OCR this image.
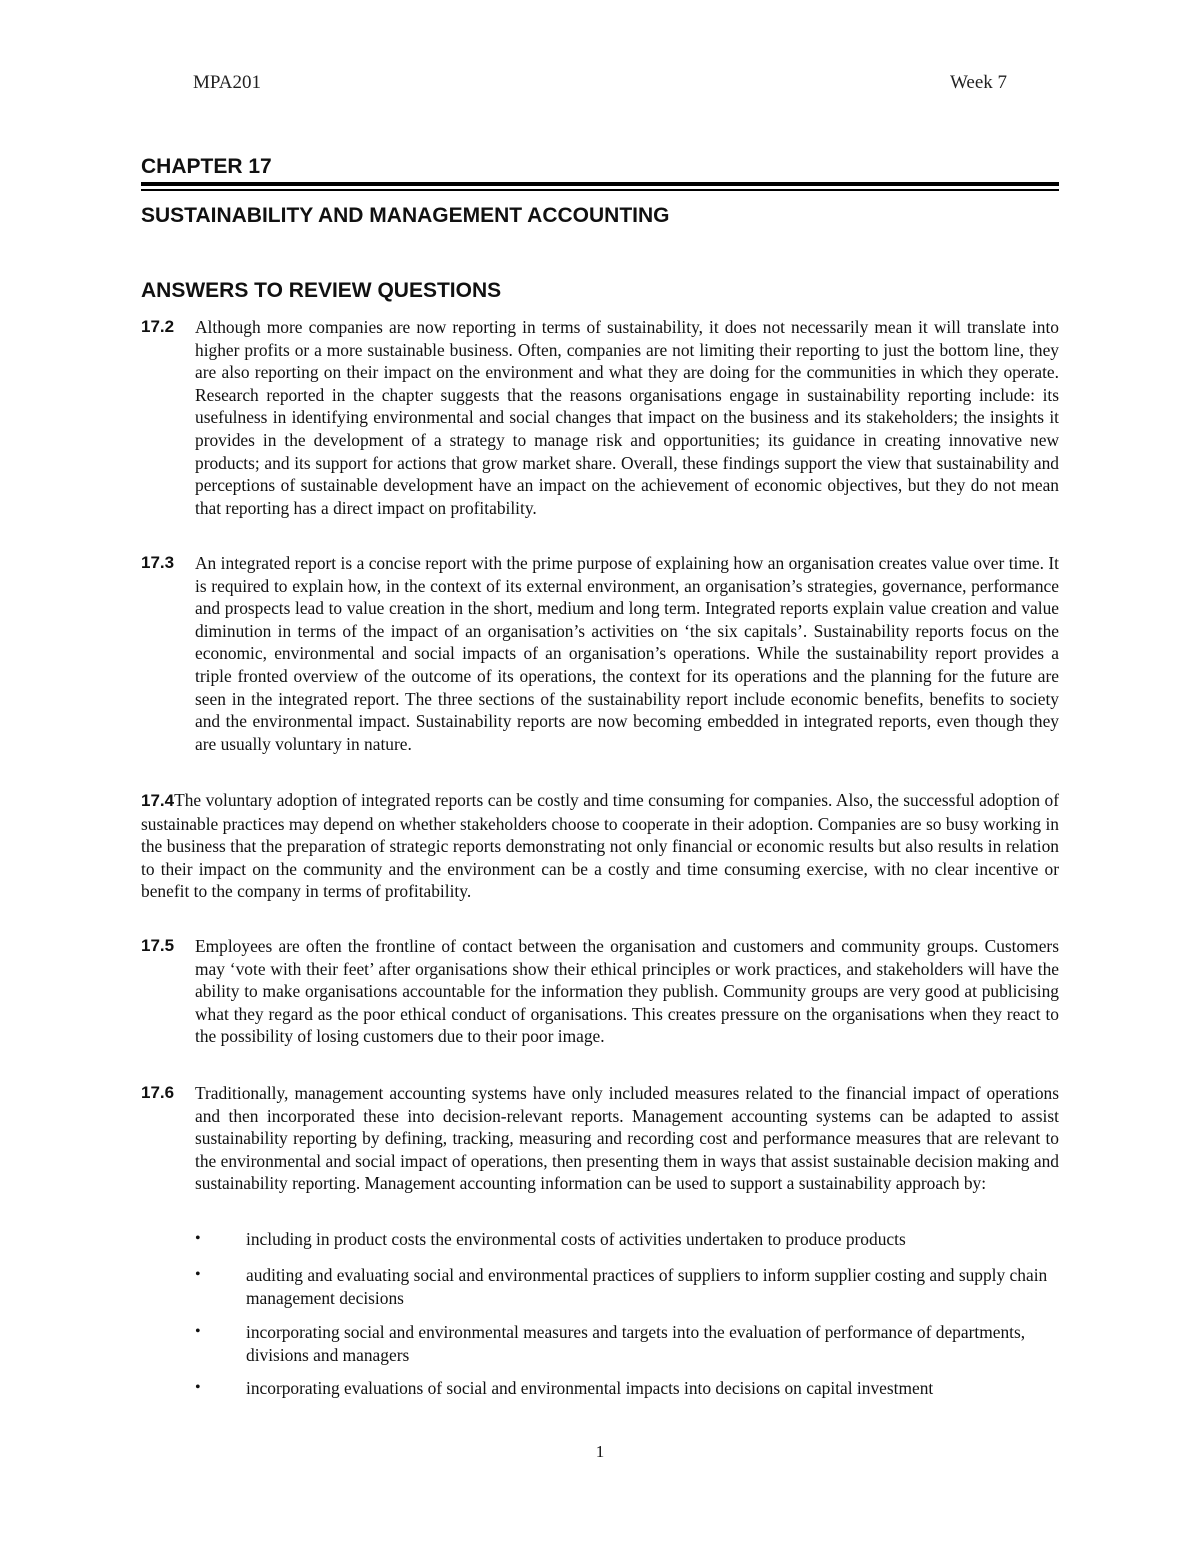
MPA201	Week 7
CHAPTER 17
SUSTAINABILITY AND MANAGEMENT ACCOUNTING
ANSWERS TO REVIEW QUESTIONS
17.2 Although more companies are now reporting in terms of sustainability, it does not necessarily mean it will translate into higher profits or a more sustainable business. Often, companies are not limiting their reporting to just the bottom line, they are also reporting on their impact on the environment and what they are doing for the communities in which they operate. Research reported in the chapter suggests that the reasons organisations engage in sustainability reporting include: its usefulness in identifying environmental and social changes that impact on the business and its stakeholders; the insights it provides in the development of a strategy to manage risk and opportunities; its guidance in creating innovative new products; and its support for actions that grow market share. Overall, these findings support the view that sustainability and perceptions of sustainable development have an impact on the achievement of economic objectives, but they do not mean that reporting has a direct impact on profitability.
17.3 An integrated report is a concise report with the prime purpose of explaining how an organisation creates value over time. It is required to explain how, in the context of its external environment, an organisation’s strategies, governance, performance and prospects lead to value creation in the short, medium and long term. Integrated reports explain value creation and value diminution in terms of the impact of an organisation’s activities on ‘the six capitals’. Sustainability reports focus on the economic, environmental and social impacts of an organisation’s operations. While the sustainability report provides a triple fronted overview of the outcome of its operations, the context for its operations and the planning for the future are seen in the integrated report. The three sections of the sustainability report include economic benefits, benefits to society and the environmental impact. Sustainability reports are now becoming embedded in integrated reports, even though they are usually voluntary in nature.
17.4The voluntary adoption of integrated reports can be costly and time consuming for companies. Also, the successful adoption of sustainable practices may depend on whether stakeholders choose to cooperate in their adoption. Companies are so busy working in the business that the preparation of strategic reports demonstrating not only financial or economic results but also results in relation to their impact on the community and the environment can be a costly and time consuming exercise, with no clear incentive or benefit to the company in terms of profitability.
17.5 Employees are often the frontline of contact between the organisation and customers and community groups. Customers may ‘vote with their feet’ after organisations show their ethical principles or work practices, and stakeholders will have the ability to make organisations accountable for the information they publish. Community groups are very good at publicising what they regard as the poor ethical conduct of organisations. This creates pressure on the organisations when they react to the possibility of losing customers due to their poor image.
17.6 Traditionally, management accounting systems have only included measures related to the financial impact of operations and then incorporated these into decision-relevant reports. Management accounting systems can be adapted to assist sustainability reporting by defining, tracking, measuring and recording cost and performance measures that are relevant to the environmental and social impact of operations, then presenting them in ways that assist sustainable decision making and sustainability reporting. Management accounting information can be used to support a sustainability approach by:
•	including in product costs the environmental costs of activities undertaken to produce products
•	auditing and evaluating social and environmental practices of suppliers to inform supplier costing and supply chain management decisions
•	incorporating social and environmental measures and targets into the evaluation of performance of departments, divisions and managers
•	incorporating evaluations of social and environmental impacts into decisions on capital investment
1
